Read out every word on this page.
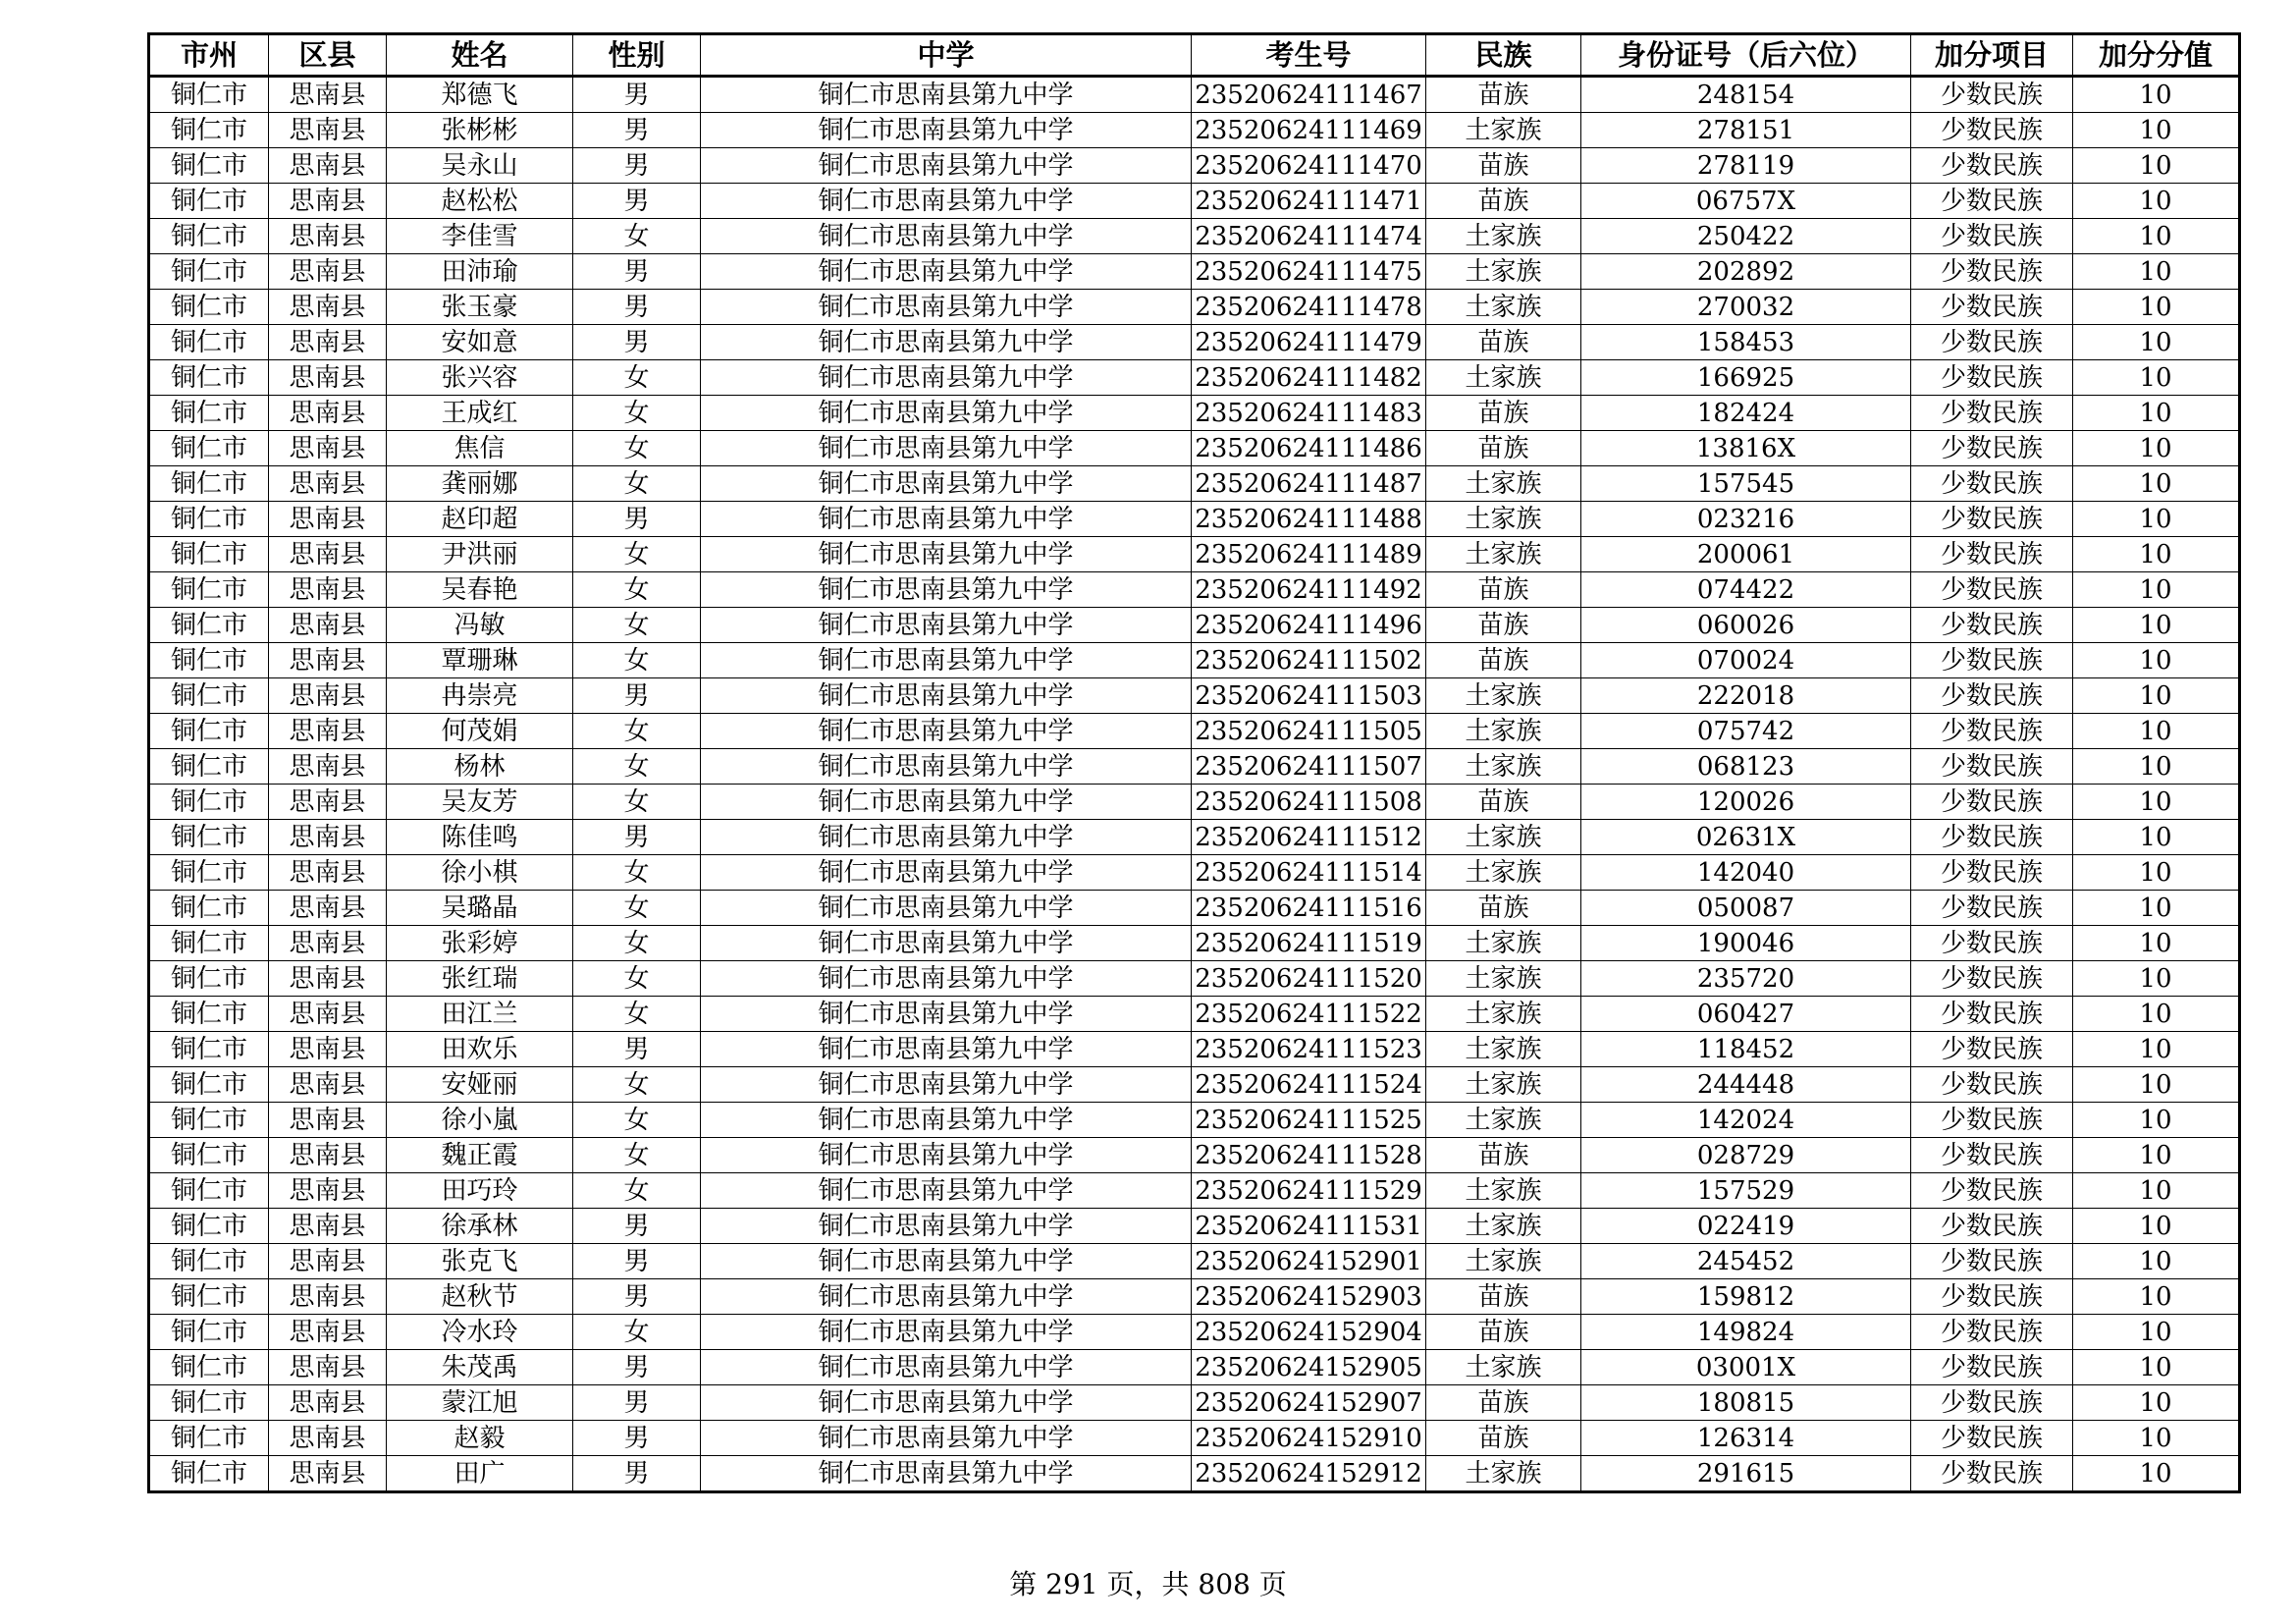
市州	区县	姓名	性别	中学	考生号	民族	身份证号（后六位）	加分项目	加分分值
铜仁市	思南县	郑德飞	男	铜仁市思南县第九中学	23520624111467	苗族	248154	少数民族	10
铜仁市	思南县	张彬彬	男	铜仁市思南县第九中学	23520624111469	土家族	278151	少数民族	10
铜仁市	思南县	吴永山	男	铜仁市思南县第九中学	23520624111470	苗族	278119	少数民族	10
铜仁市	思南县	赵松松	男	铜仁市思南县第九中学	23520624111471	苗族	06757X	少数民族	10
铜仁市	思南县	李佳雪	女	铜仁市思南县第九中学	23520624111474	土家族	250422	少数民族	10
铜仁市	思南县	田沛瑜	男	铜仁市思南县第九中学	23520624111475	土家族	202892	少数民族	10
铜仁市	思南县	张玉豪	男	铜仁市思南县第九中学	23520624111478	土家族	270032	少数民族	10
铜仁市	思南县	安如意	男	铜仁市思南县第九中学	23520624111479	苗族	158453	少数民族	10
铜仁市	思南县	张兴容	女	铜仁市思南县第九中学	23520624111482	土家族	166925	少数民族	10
铜仁市	思南县	王成红	女	铜仁市思南县第九中学	23520624111483	苗族	182424	少数民族	10
铜仁市	思南县	焦信	女	铜仁市思南县第九中学	23520624111486	苗族	13816X	少数民族	10
铜仁市	思南县	龚丽娜	女	铜仁市思南县第九中学	23520624111487	土家族	157545	少数民族	10
铜仁市	思南县	赵印超	男	铜仁市思南县第九中学	23520624111488	土家族	023216	少数民族	10
铜仁市	思南县	尹洪丽	女	铜仁市思南县第九中学	23520624111489	土家族	200061	少数民族	10
铜仁市	思南县	吴春艳	女	铜仁市思南县第九中学	23520624111492	苗族	074422	少数民族	10
铜仁市	思南县	冯敏	女	铜仁市思南县第九中学	23520624111496	苗族	060026	少数民族	10
铜仁市	思南县	覃珊琳	女	铜仁市思南县第九中学	23520624111502	苗族	070024	少数民族	10
铜仁市	思南县	冉崇亮	男	铜仁市思南县第九中学	23520624111503	土家族	222018	少数民族	10
铜仁市	思南县	何茂娟	女	铜仁市思南县第九中学	23520624111505	土家族	075742	少数民族	10
铜仁市	思南县	杨林	女	铜仁市思南县第九中学	23520624111507	土家族	068123	少数民族	10
铜仁市	思南县	吴友芳	女	铜仁市思南县第九中学	23520624111508	苗族	120026	少数民族	10
铜仁市	思南县	陈佳鸣	男	铜仁市思南县第九中学	23520624111512	土家族	02631X	少数民族	10
铜仁市	思南县	徐小棋	女	铜仁市思南县第九中学	23520624111514	土家族	142040	少数民族	10
铜仁市	思南县	吴璐晶	女	铜仁市思南县第九中学	23520624111516	苗族	050087	少数民族	10
铜仁市	思南县	张彩婷	女	铜仁市思南县第九中学	23520624111519	土家族	190046	少数民族	10
铜仁市	思南县	张红瑞	女	铜仁市思南县第九中学	23520624111520	土家族	235720	少数民族	10
铜仁市	思南县	田江兰	女	铜仁市思南县第九中学	23520624111522	土家族	060427	少数民族	10
铜仁市	思南县	田欢乐	男	铜仁市思南县第九中学	23520624111523	土家族	118452	少数民族	10
铜仁市	思南县	安娅丽	女	铜仁市思南县第九中学	23520624111524	土家族	244448	少数民族	10
铜仁市	思南县	徐小嵐	女	铜仁市思南县第九中学	23520624111525	土家族	142024	少数民族	10
铜仁市	思南县	魏正霞	女	铜仁市思南县第九中学	23520624111528	苗族	028729	少数民族	10
铜仁市	思南县	田巧玲	女	铜仁市思南县第九中学	23520624111529	土家族	157529	少数民族	10
铜仁市	思南县	徐承林	男	铜仁市思南县第九中学	23520624111531	土家族	022419	少数民族	10
铜仁市	思南县	张克飞	男	铜仁市思南县第九中学	23520624152901	土家族	245452	少数民族	10
铜仁市	思南县	赵秋节	男	铜仁市思南县第九中学	23520624152903	苗族	159812	少数民族	10
铜仁市	思南县	冷水玲	女	铜仁市思南县第九中学	23520624152904	苗族	149824	少数民族	10
铜仁市	思南县	朱茂禹	男	铜仁市思南县第九中学	23520624152905	土家族	03001X	少数民族	10
铜仁市	思南县	蒙江旭	男	铜仁市思南县第九中学	23520624152907	苗族	180815	少数民族	10
铜仁市	思南县	赵毅	男	铜仁市思南县第九中学	23520624152910	苗族	126314	少数民族	10
铜仁市	思南县	田广	男	铜仁市思南县第九中学	23520624152912	土家族	291615	少数民族	10
第 291 页，共 808 页
